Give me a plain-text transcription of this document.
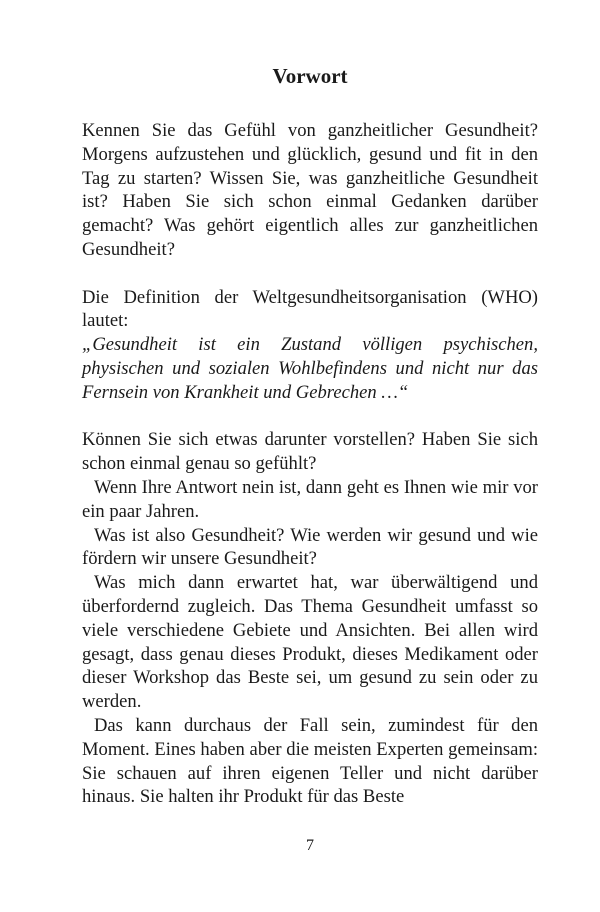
Vorwort

Kennen Sie das Gefühl von ganzheitlicher Gesundheit? Morgens aufzustehen und glücklich, gesund und fit in den Tag zu starten? Wissen Sie, was ganzheitliche Gesundheit ist? Haben Sie sich schon einmal Gedanken darüber gemacht? Was gehört eigentlich alles zur ganzheitlichen Gesundheit?

Die Definition der Weltgesundheitsorganisation (WHO) lautet:

„Gesundheit ist ein Zustand völligen psychischen, physischen und sozialen Wohlbefindens und nicht nur das Fernsein von Krankheit und Gebrechen …“

Können Sie sich etwas darunter vorstellen? Haben Sie sich schon einmal genau so gefühlt?

Wenn Ihre Antwort nein ist, dann geht es Ihnen wie mir vor ein paar Jahren.

Was ist also Gesundheit? Wie werden wir gesund und wie fördern wir unsere Gesundheit?

Was mich dann erwartet hat, war überwältigend und überfordernd zugleich. Das Thema Gesundheit umfasst so viele verschiedene Gebiete und Ansichten. Bei allen wird gesagt, dass genau dieses Produkt, dieses Medikament oder dieser Workshop das Beste sei, um gesund zu sein oder zu werden.

Das kann durchaus der Fall sein, zumindest für den Moment. Eines haben aber die meisten Experten gemeinsam: Sie schauen auf ihren eigenen Teller und nicht darüber hinaus. Sie halten ihr Produkt für das Beste

7
